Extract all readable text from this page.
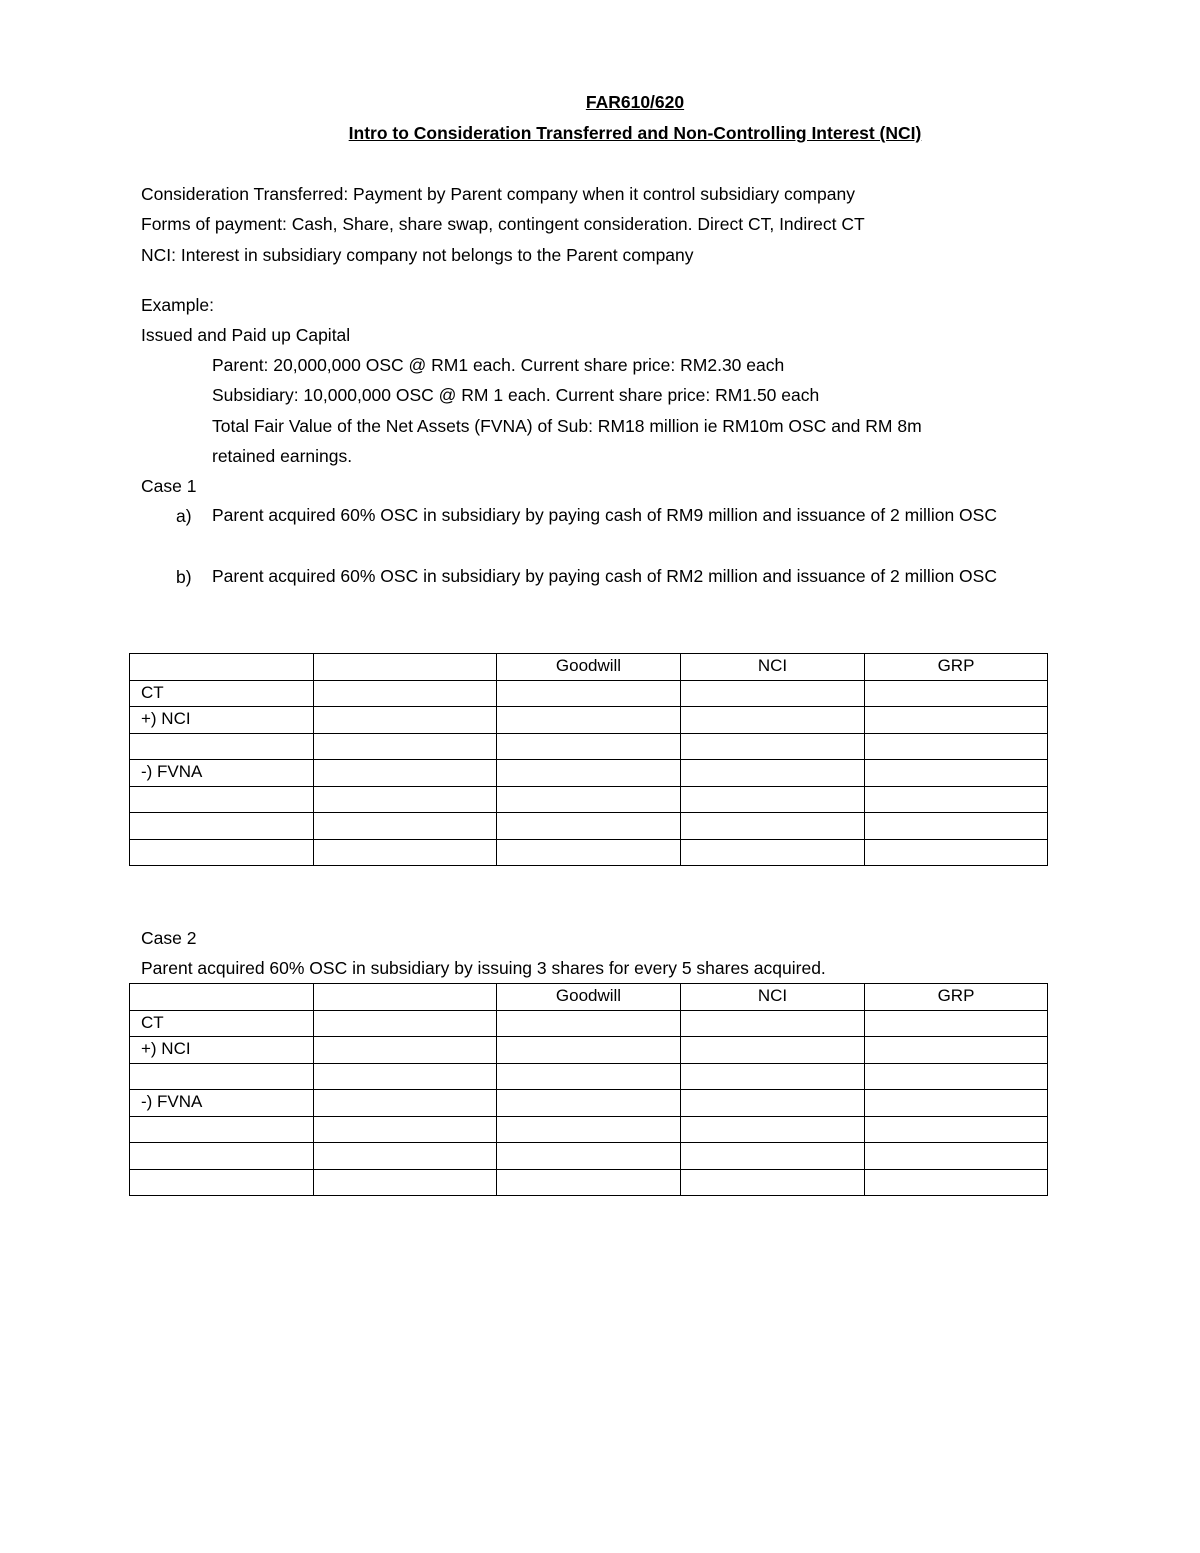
FAR610/620
Intro to Consideration Transferred and Non-Controlling Interest (NCI)
Consideration Transferred: Payment by Parent company when it control subsidiary company
Forms of payment: Cash, Share, share swap, contingent consideration. Direct CT, Indirect CT
NCI: Interest in subsidiary company not belongs to the Parent company
Example:
Issued and Paid up Capital
Parent: 20,000,000 OSC @ RM1 each. Current share price: RM2.30 each
Subsidiary: 10,000,000 OSC @ RM 1 each. Current share price: RM1.50 each
Total Fair Value of the Net Assets (FVNA) of Sub: RM18 million ie RM10m OSC and RM 8m
retained earnings.
Case 1
a) Parent acquired 60% OSC in subsidiary by paying cash of RM9 million and issuance of 2 million OSC
b) Parent acquired 60% OSC in subsidiary by paying cash of RM2 million and issuance of 2 million OSC
		Goodwill	NCI	GRP
CT				
+) NCI				

-) FVNA				

Case 2
Parent acquired 60% OSC in subsidiary by issuing 3 shares for every 5 shares acquired.
		Goodwill	NCI	GRP
CT				
+) NCI				

-) FVNA				
